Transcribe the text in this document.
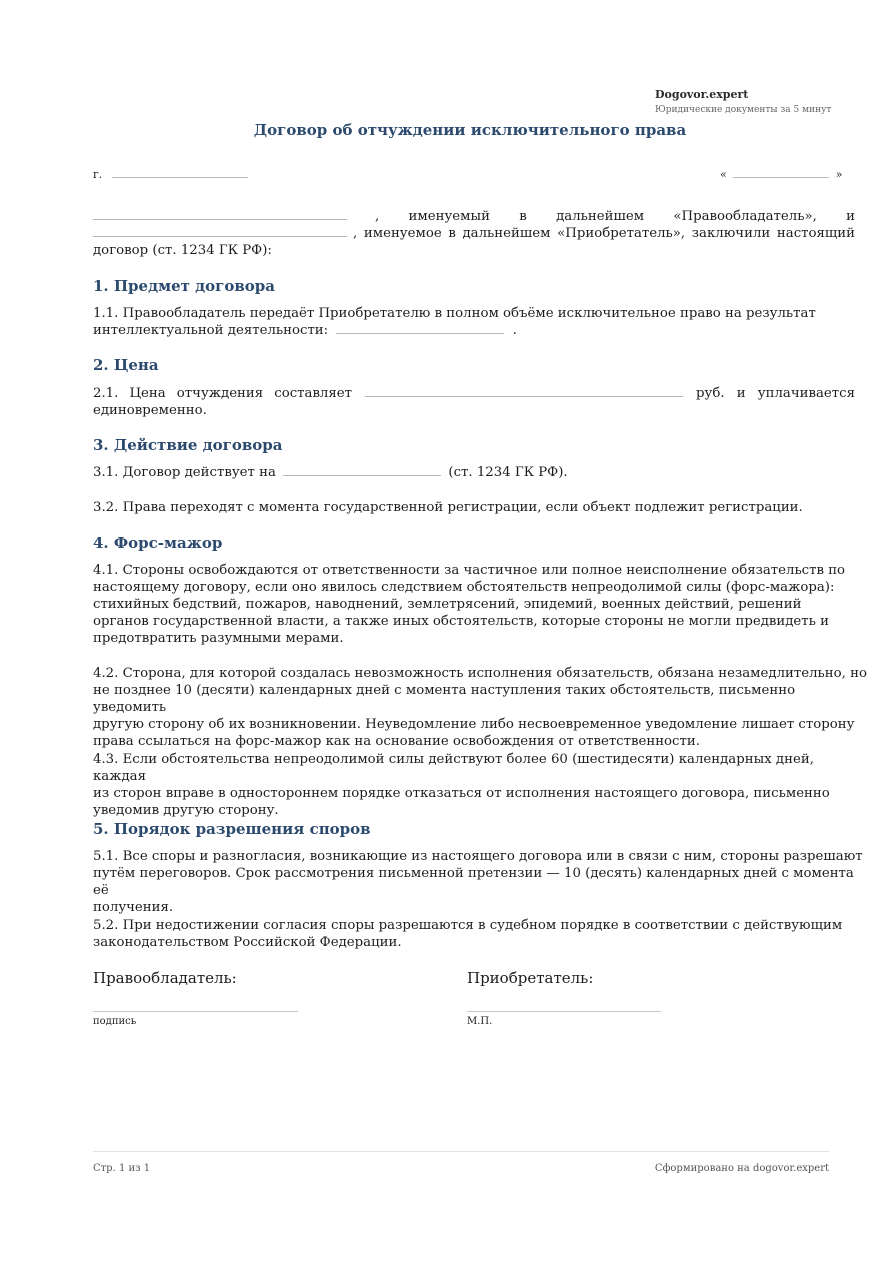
Dogovor.expert
Юридические документы за 5 минут
Договор об отчуждении исключительного права
г.	«	»
, именуемый в дальнейшем «Правообладатель», и
, именуемое в дальнейшем «Приобретатель», заключили настоящий
договор (ст. 1234 ГК РФ):
1. Предмет договора
1.1. Правообладатель передаёт Приобретателю в полном объёме исключительное право на результат
интеллектуальной деятельности:	.
2. Цена
2.1. Цена отчуждения составляет	руб. и уплачивается
единовременно.
3. Действие договора
3.1. Договор действует на	(ст. 1234 ГК РФ).
3.2. Права переходят с момента государственной регистрации, если объект подлежит регистрации.
4. Форс-мажор
4.1. Стороны освобождаются от ответственности за частичное или полное неисполнение обязательств по
настоящему договору, если оно явилось следствием обстоятельств непреодолимой силы (форс-мажора):
стихийных бедствий, пожаров, наводнений, землетрясений, эпидемий, военных действий, решений
органов государственной власти, а также иных обстоятельств, которые стороны не могли предвидеть и
предотвратить разумными мерами.
4.2. Сторона, для которой создалась невозможность исполнения обязательств, обязана незамедлительно, но
не позднее 10 (десяти) календарных дней с момента наступления таких обстоятельств, письменно уведомить
другую сторону об их возникновении. Неуведомление либо несвоевременное уведомление лишает сторону
права ссылаться на форс-мажор как на основание освобождения от ответственности.
4.3. Если обстоятельства непреодолимой силы действуют более 60 (шестидесяти) календарных дней, каждая
из сторон вправе в одностороннем порядке отказаться от исполнения настоящего договора, письменно
уведомив другую сторону.
5. Порядок разрешения споров
5.1. Все споры и разногласия, возникающие из настоящего договора или в связи с ним, стороны разрешают
путём переговоров. Срок рассмотрения письменной претензии — 10 (десять) календарных дней с момента её
получения.
5.2. При недостижении согласия споры разрешаются в судебном порядке в соответствии с действующим
законодательством Российской Федерации.
Правообладатель:
подпись
Приобретатель:
М.П.
Стр. 1 из 1	Сформировано на dogovor.expert
